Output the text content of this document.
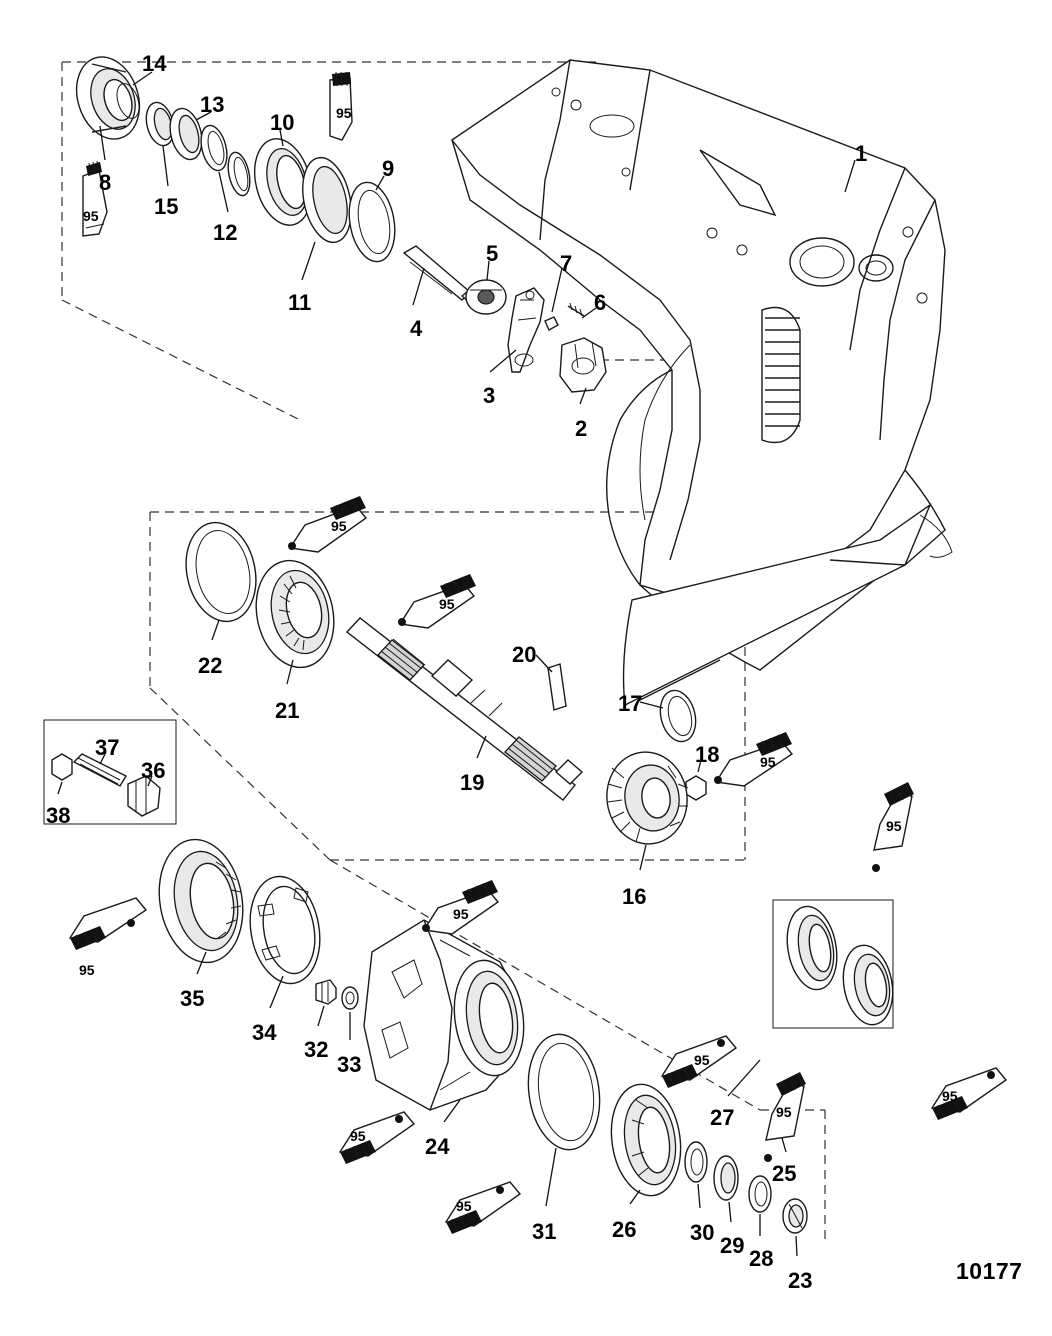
1
2
3
4
5
6
7
8
9
10
11
12
13
14
15
16
17
18
19
20
21
22
23
24
25
26
27
28
29
30
31
32
33
34
35
36
37
38
95
95
95
95
95
95
95
95
95
95
95
95
95
10177
